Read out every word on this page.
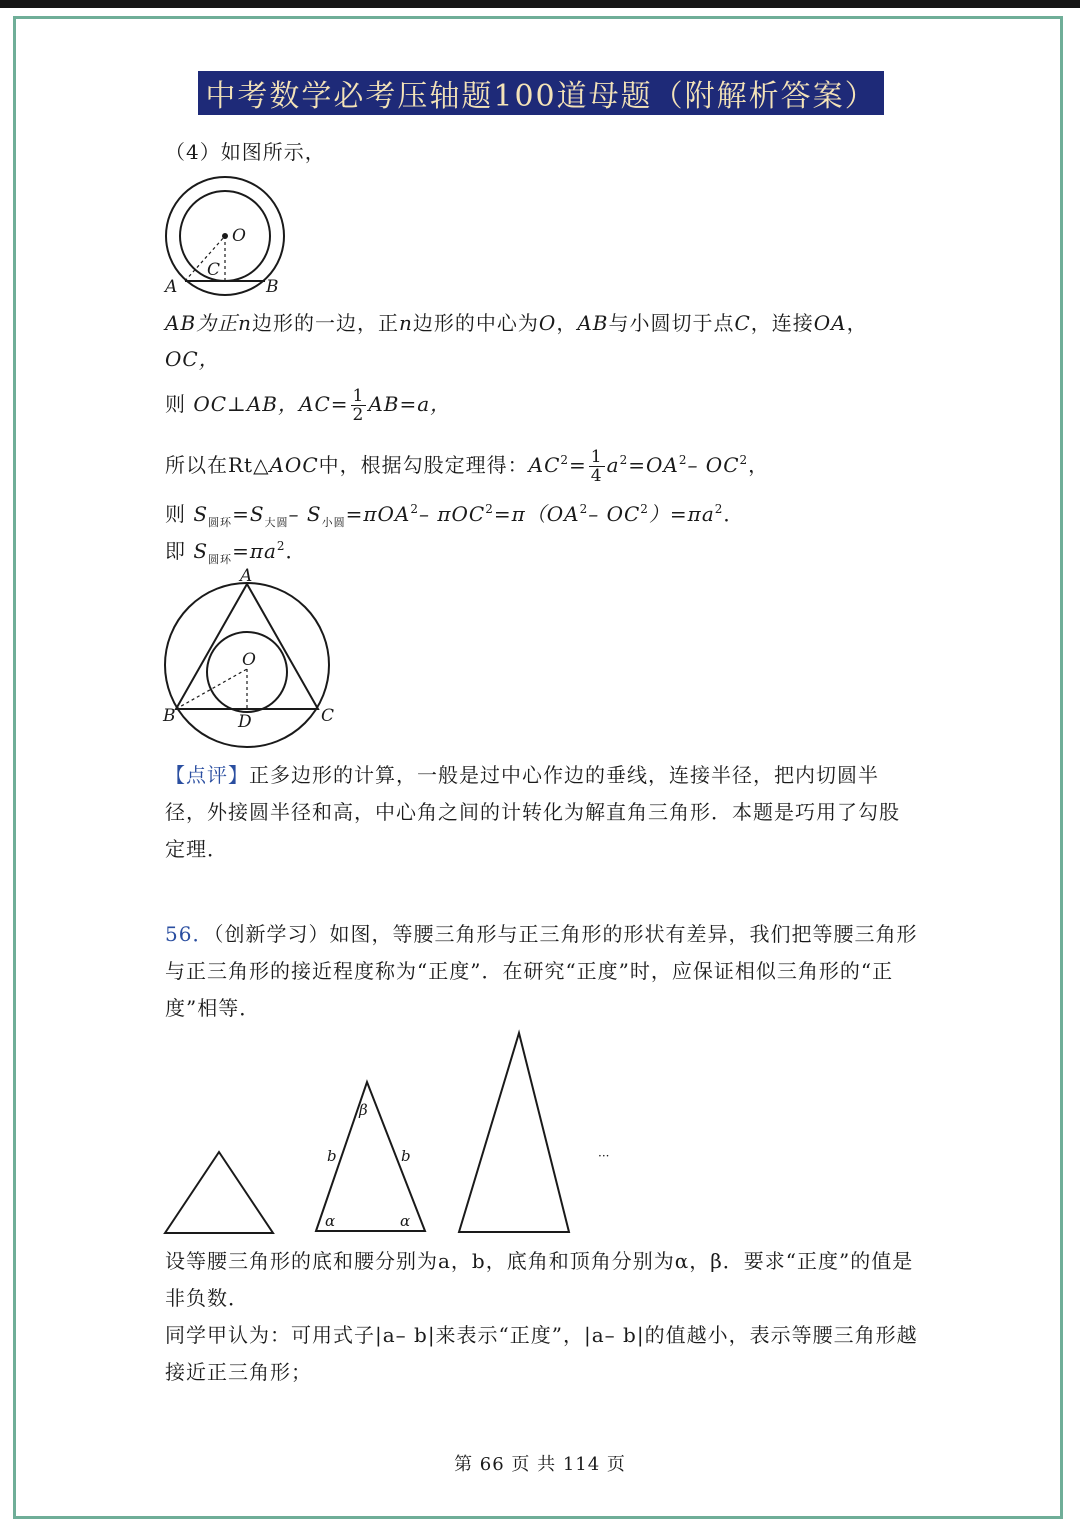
中考数学必考压轴题100道母题（附解析答案）
（4）如图所示，
O
C
A	B
AB为正n边形的一边，正n边形的中心为O，AB与小圆切于点C，连接OA，
OC，
则 OC⊥AB，$AC= \frac{1}{2} AB=a$，
所以在Rt△AOC中，根据勾股定理得：$AC^2= \frac{1}{4} a^2=OA^2-$ $OC^2$，
则 $S_{圆环}=S_{大圆}-$ $S_{小圆}=\pi OA^2-$ $\pi OC^2=\pi(OA^2-$ $OC^2)=\pi a^2$．
即 $S_{圆环}=\pi a^2$．
A
O
B	D	C
【点评】正多边形的计算，一般是过中心作边的垂线，连接半径，把内切圆半径，外接圆半径和高，中心角之间的计转化为解直角三角形．本题是巧用了勾股定理．
56．（创新学习）如图，等腰三角形与正三角形的形状有差异，我们把等腰三角形与正三角形的接近程度称为“正度”．在研究“正度”时，应保证相似三角形的“正度”相等．
β
b	b
α	α
···
设等腰三角形的底和腰分别为a，b，底角和顶角分别为α，β．要求“正度”的值是非负数．
同学甲认为：可用式子|a– b|来表示“正度”，|a– b|的值越小，表示等腰三角形越接近正三角形；
第 66 页 共 114 页
